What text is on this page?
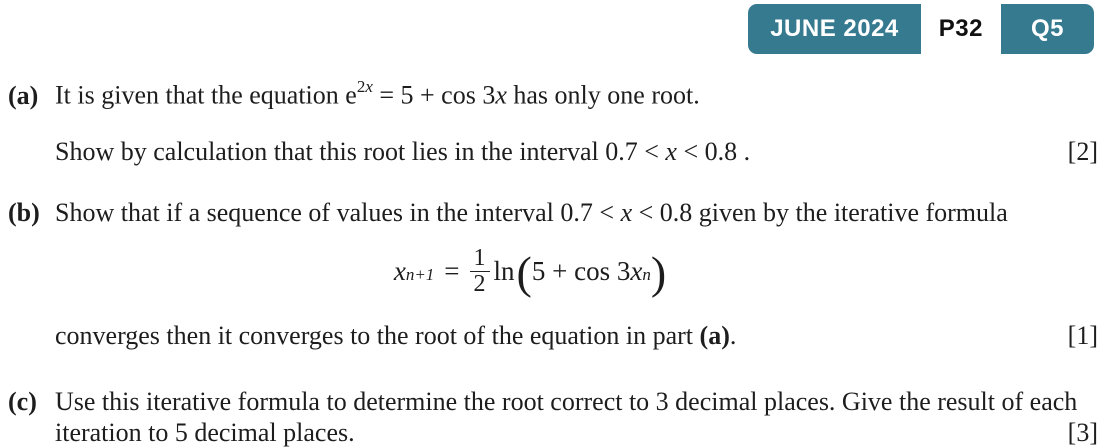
JUNE 2024	P32	Q5
(a) It is given that the equation $e^{2x} = 5 + \cos 3x$ has only one root.
Show by calculation that this root lies in the interval 0.7 < x < 0.8 .	[2]
(b) Show that if a sequence of values in the interval 0.7 < x < 0.8 given by the iterative formula
$x_{n+1} = \frac{1}{2}$ ln ( 5 + cos 3 $x_n$ )
converges then it converges to the root of the equation in part (a).	[1]
(c) Use this iterative formula to determine the root correct to 3 decimal places. Give the result of each
iteration to 5 decimal places.	[3]
